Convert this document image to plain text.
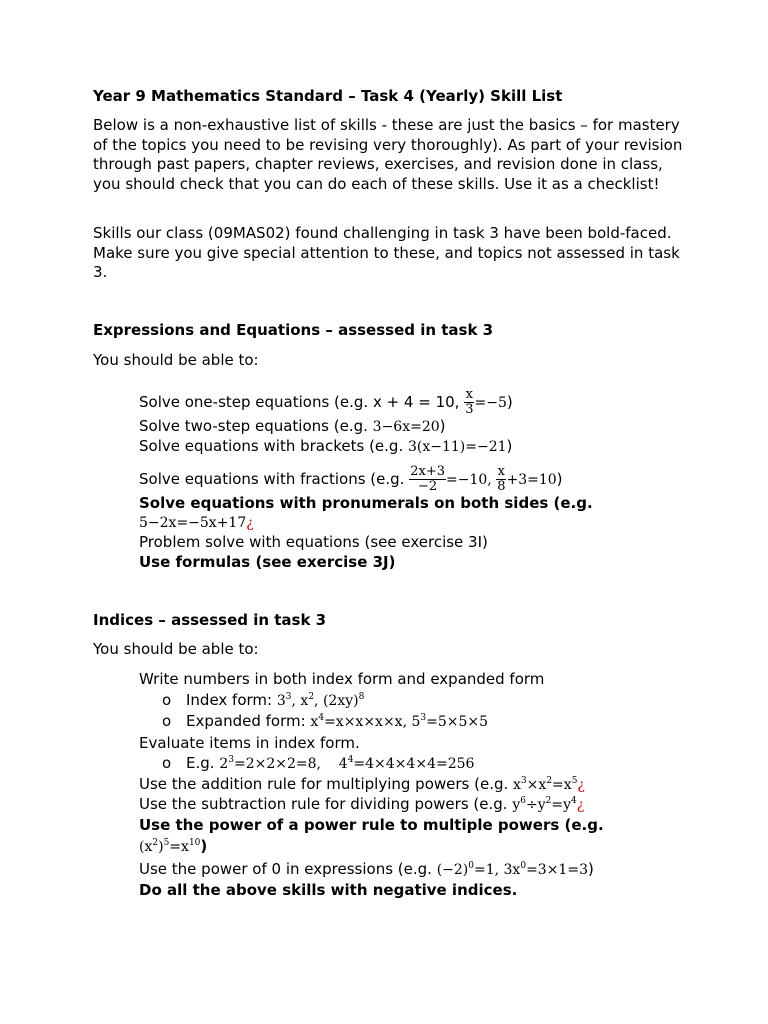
Year 9 Mathematics Standard – Task 4 (Yearly) Skill List

Below is a non-exhaustive list of skills - these are just the basics – for mastery of the topics you need to be revising very thoroughly). As part of your revision through past papers, chapter reviews, exercises, and revision done in class, you should check that you can do each of these skills. Use it as a checklist!

Skills our class (09MAS02) found challenging in task 3 have been bold-faced. Make sure you give special attention to these, and topics not assessed in task 3.

Expressions and Equations – assessed in task 3

You should be able to:

Solve one-step equations (e.g. x + 4 = 10, $\frac{x}{3} =-5$)
Solve two-step equations (e.g. 3−6x=20)
Solve equations with brackets (e.g. 3(x−11)=−21)
Solve equations with fractions (e.g. $\frac{2x+3}{-2} =-10$, $\frac{x}{8} +3=10$)
Solve equations with pronumerals on both sides (e.g.
5−2x=−5x+17¿
Problem solve with equations (see exercise 3I)
Use formulas (see exercise 3J)

Indices – assessed in task 3

You should be able to:

Write numbers in both index form and expanded form
o Index form: $3^3$, $x^2$, $(2xy)^8$
o Expanded form: $x^4=x\times x\times x\times x$, $5^3=5\times 5\times 5$
Evaluate items in index form.
o E.g. $2^3=2\times 2\times 2=8$,    $4^4=4\times 4\times 4\times 4=256$
Use the addition rule for multiplying powers (e.g. $x^3\times x^2=x^5¿$
Use the subtraction rule for dividing powers (e.g. $y^6\div y^2=y^4¿$
Use the power of a power rule to multiple powers (e.g.
$(x^2)^5=x^{10}$)
Use the power of 0 in expressions (e.g. $(-2)^0=1$, $3x^0=3\times 1=3$)
Do all the above skills with negative indices.
